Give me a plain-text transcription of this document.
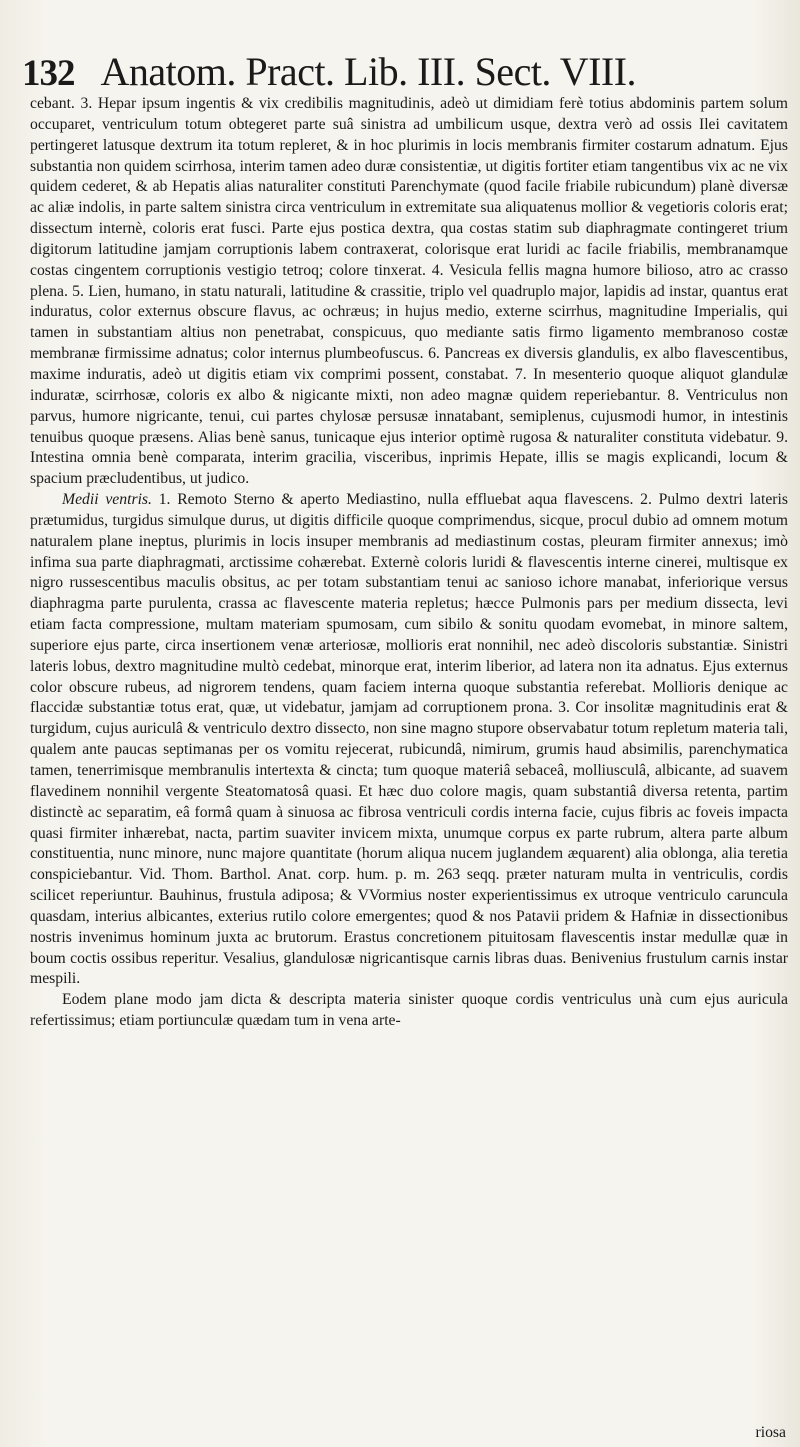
132 Anatom. Pract. Lib. III. Sect. VIII.

cebant. 3. Hepar ipsum ingentis & vix credibilis magnitudinis, adeò ut dimidiam ferè totius abdominis partem solum occuparet, ventriculum totum obtegeret parte suâ sinistra ad umbilicum usque, dextra verò ad ossis Ilei cavitatem pertingeret latusque dextrum ita totum repleret, & in hoc plurimis in locis membranis firmiter costarum adnatum. Ejus substantia non quidem scirrhosa, interim tamen adeo duræ consistentiæ, ut digitis fortiter etiam tangentibus vix ac ne vix quidem cederet, & ab Hepatis alias naturaliter constituti Parenchymate (quod facile friabile rubicundum) planè diversæ ac aliæ indolis, in parte saltem sinistra circa ventriculum in extremitate sua aliquatenus mollior & vegetioris coloris erat; dissectum internè, coloris erat fusci. Parte ejus postica dextra, qua costas statim sub diaphragmate contingeret trium digitorum latitudine jamjam corruptionis labem contraxerat, colorisque erat luridi ac facile friabilis, membranamque costas cingentem corruptionis vestigio tetroq; colore tinxerat. 4. Vesicula fellis magna humore bilioso, atro ac crasso plena. 5. Lien, humano, in statu naturali, latitudine & crassitie, triplo vel quadruplo major, lapidis ad instar, quantus erat induratus, color externus obscure flavus, ac ochræus; in hujus medio, externe scirrhus, magnitudine Imperialis, qui tamen in substantiam altius non penetrabat, conspicuus, quo mediante satis firmo ligamento membranoso costæ membranæ firmissime adnatus; color internus plumbeofuscus. 6. Pancreas ex diversis glandulis, ex albo flavescentibus, maxime induratis, adeò ut digitis etiam vix comprimi possent, constabat. 7. In mesenterio quoque aliquot glandulæ induratæ, scirrhosæ, coloris ex albo & nigicante mixti, non adeo magnæ quidem reperiebantur. 8. Ventriculus non parvus, humore nigricante, tenui, cui partes chylosæ persusæ innatabant, semiplenus, cujusmodi humor, in intestinis tenuibus quoque præsens. Alias benè sanus, tunicaque ejus interior optimè rugosa & naturaliter constituta videbatur. 9. Intestina omnia benè comparata, interim gracilia, visceribus, inprimis Hepate, illis se magis explicandi, locum & spacium præcludentibus, ut judico.

Medii ventris. 1. Remoto Sterno & aperto Mediastino, nulla effluebat aqua flavescens. 2. Pulmo dextri lateris prætumidus, turgidus simulque durus, ut digitis difficile quoque comprimendus, sicque, procul dubio ad omnem motum naturalem plane ineptus, plurimis in locis insuper membranis ad mediastinum costas, pleuram firmiter annexus; imò infima sua parte diaphragmati, arctissime cohærebat. Externè coloris luridi & flavescentis interne cinerei, multisque ex nigro russescentibus maculis obsitus, ac per totam substantiam tenui ac sanioso ichore manabat, inferiorique versus diaphragma parte purulenta, crassa ac flavescente materia repletus; hæcce Pulmonis pars per medium dissecta, levi etiam facta compressione, multam materiam spumosam, cum sibilo & sonitu quodam evomebat, in minore saltem, superiore ejus parte, circa insertionem venæ arteriosæ, mollioris erat nonnihil, nec adeò discoloris substantiæ. Sinistri lateris lobus, dextro magnitudine multò cedebat, minorque erat, interim liberior, ad latera non ita adnatus. Ejus externus color obscure rubeus, ad nigrorem tendens, quam faciem interna quoque substantia referebat. Mollioris denique ac flaccidæ substantiæ totus erat, quæ, ut videbatur, jamjam ad corruptionem prona. 3. Cor insolitæ magnitudinis erat & turgidum, cujus auriculâ & ventriculo dextro dissecto, non sine magno stupore observabatur totum repletum materia tali, qualem ante paucas septimanas per os vomitu rejecerat, rubicundâ, nimirum, grumis haud absimilis, parenchymatica tamen, tenerrimisque membranulis intertexta & cincta; tum quoque materiâ sebaceâ, molliusculâ, albicante, ad suavem flavedinem nonnihil vergente Steatomatosâ quasi. Et hæc duo colore magis, quam substantiâ diversa retenta, partim distinctè ac separatim, eâ formâ quam à sinuosa ac fibrosa ventriculi cordis interna facie, cujus fibris ac foveis impacta quasi firmiter inhærebat, nacta, partim suaviter invicem mixta, unumque corpus ex parte rubrum, altera parte album constituentia, nunc minore, nunc majore quantitate (horum aliqua nucem juglandem æquarent) alia oblonga, alia teretia conspiciebantur. Vid. Thom. Barthol. Anat. corp. hum. p. m. 263 seqq. præter naturam multa in ventriculis, cordis scilicet reperiuntur. Bauhinus, frustula adiposa; & VVormius noster experientissimus ex utroque ventriculo caruncula quasdam, interius albicantes, exterius rutilo colore emergentes; quod & nos Patavii pridem & Hafniæ in dissectionibus nostris invenimus hominum juxta ac brutorum. Erastus concretionem pituitosam flavescentis instar medullæ quæ in boum coctis ossibus reperitur. Vesalius, glandulosæ nigricantisque carnis libras duas. Benivenius frustulum carnis instar mespili.

Eodem plane modo jam dicta & descripta materia sinister quoque cordis ventriculus unà cum ejus auricula refertissimus; etiam portiunculæ quædam tum in vena arte-

riosa
